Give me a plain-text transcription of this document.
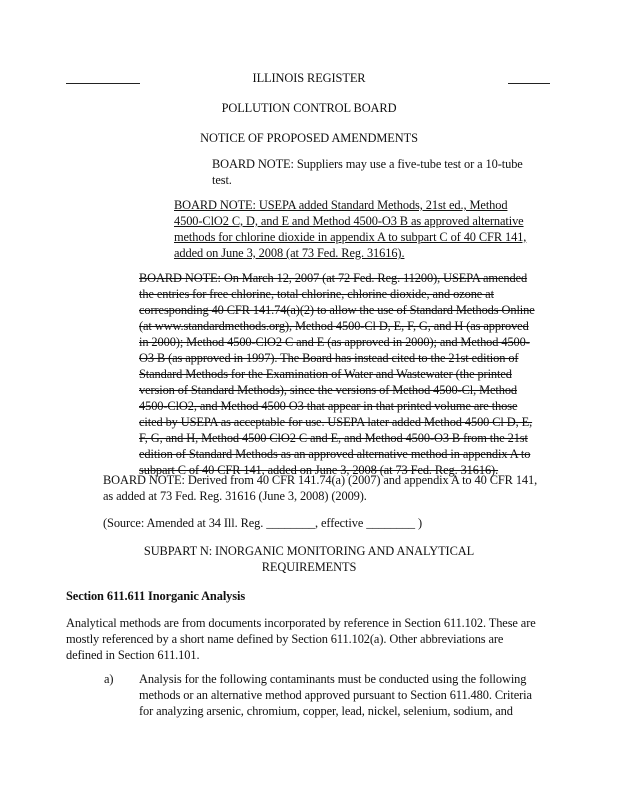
ILLINOIS REGISTER
POLLUTION CONTROL BOARD
NOTICE OF PROPOSED AMENDMENTS
BOARD NOTE: Suppliers may use a five-tube test or a 10-tube
test.
BOARD NOTE: USEPA added Standard Methods, 21st ed., Method
4500-ClO2 C, D, and E and Method 4500-O3 B as approved alternative
methods for chlorine dioxide in appendix A to subpart C of 40 CFR 141,
added on June 3, 2008 (at 73 Fed. Reg. 31616).
BOARD NOTE: On March 12, 2007 (at 72 Fed. Reg. 11200), USEPA amended
the entries for free chlorine, total chlorine, chlorine dioxide, and ozone at
corresponding 40 CFR 141.74(a)(2) to allow the use of Standard Methods Online
(at www.standardmethods.org), Method 4500-Cl D, E, F, G, and H (as approved
in 2000); Method 4500-ClO2 C and E (as approved in 2000); and Method 4500-
O3 B (as approved in 1997). The Board has instead cited to the 21st edition of
Standard Methods for the Examination of Water and Wastewater (the printed
version of Standard Methods), since the versions of Method 4500-Cl, Method
4500-ClO2, and Method 4500 O3 that appear in that printed volume are those
cited by USEPA as acceptable for use. USEPA later added Method 4500 Cl D, E,
F, G, and H, Method 4500 ClO2 C and E, and Method 4500-O3 B from the 21st
edition of Standard Methods as an approved alternative method in appendix A to
subpart C of 40 CFR 141, added on June 3, 2008 (at 73 Fed. Reg. 31616).
BOARD NOTE: Derived from 40 CFR 141.74(a) (2007) and appendix A to 40 CFR 141,
as added at 73 Fed. Reg. 31616 (June 3, 2008) (2009).
(Source: Amended at 34 Ill. Reg. ________, effective ________ )
SUBPART N: INORGANIC MONITORING AND ANALYTICAL
REQUIREMENTS
Section 611.611 Inorganic Analysis
Analytical methods are from documents incorporated by reference in Section 611.102. These are
mostly referenced by a short name defined by Section 611.102(a). Other abbreviations are
defined in Section 611.101.
a) Analysis for the following contaminants must be conducted using the following
methods or an alternative method approved pursuant to Section 611.480. Criteria
for analyzing arsenic, chromium, copper, lead, nickel, selenium, sodium, and
